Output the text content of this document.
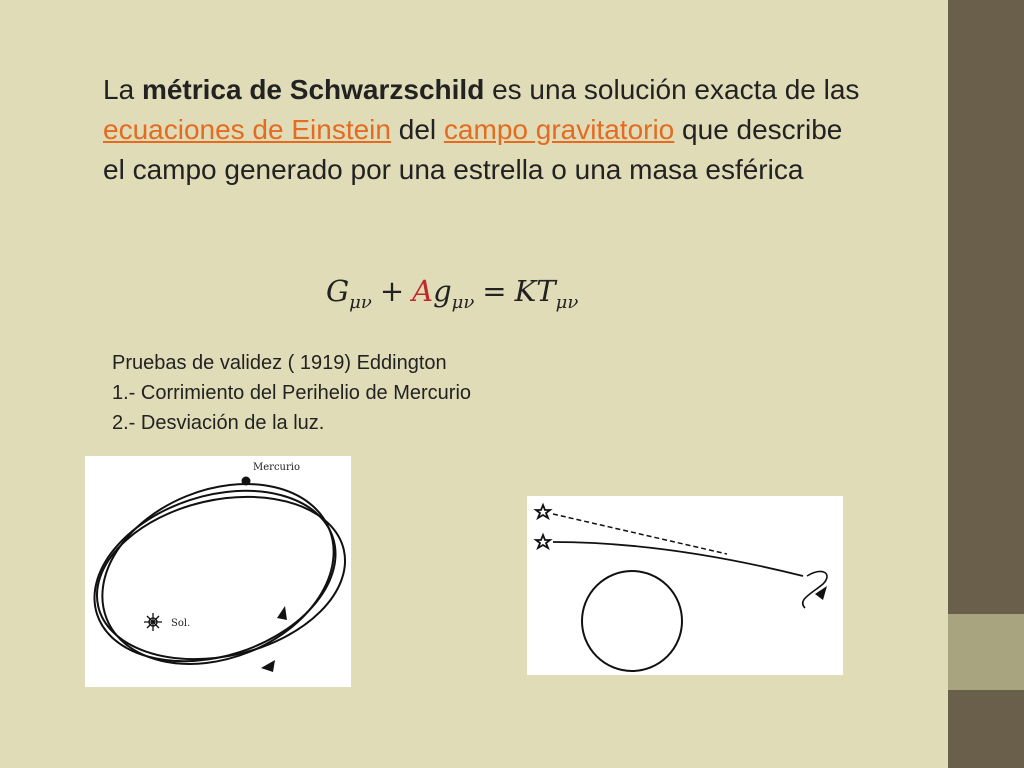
La métrica de Schwarzschild es una solución exacta de las ecuaciones de Einstein del campo gravitatorio que describe el campo generado por una estrella o una masa esférica
$G_{\mu\nu} + Ag_{\mu\nu} = KT_{\mu\nu}$
Pruebas de validez ( 1919) Eddington
1.- Corrimiento del Perihelio de Mercurio
2.- Desviación de la luz.
Mercurio
Sol.
